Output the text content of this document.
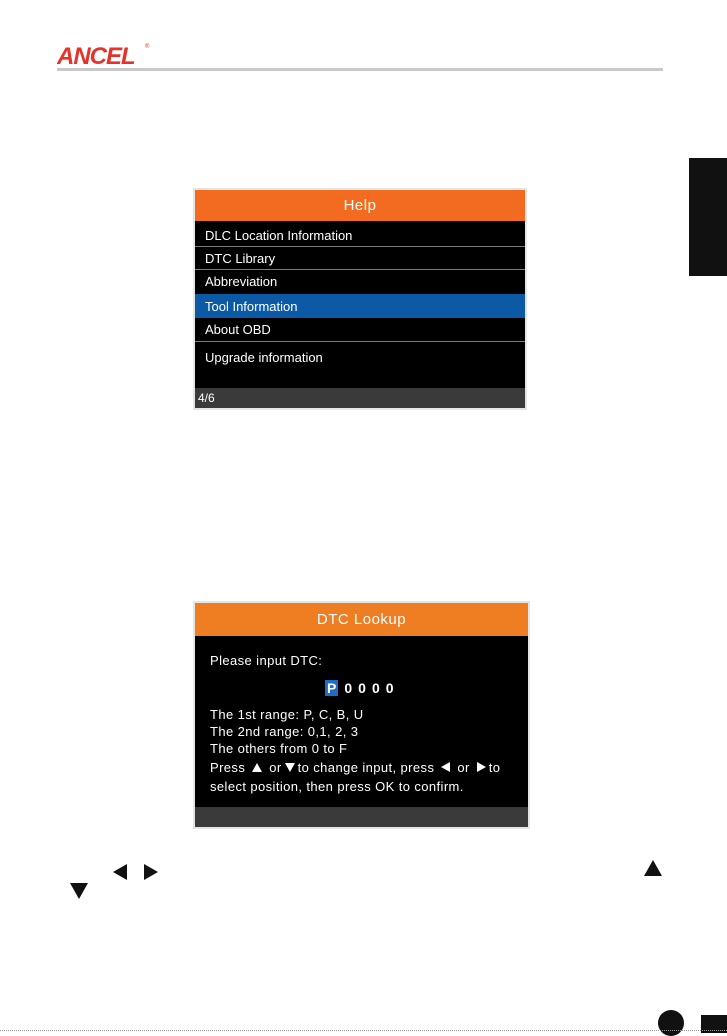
ANCEL ®
Help
DLC Location Information
DTC Library
Abbreviation
Tool Information
About OBD
Upgrade information
4/6
DTC Lookup
Please input DTC:
P 0 0 0 0
The 1st range: P, C, B, U
The 2nd range: 0,1, 2, 3
The others from 0 to F
Press or to change input, press or to
select position, then press OK to confirm.
